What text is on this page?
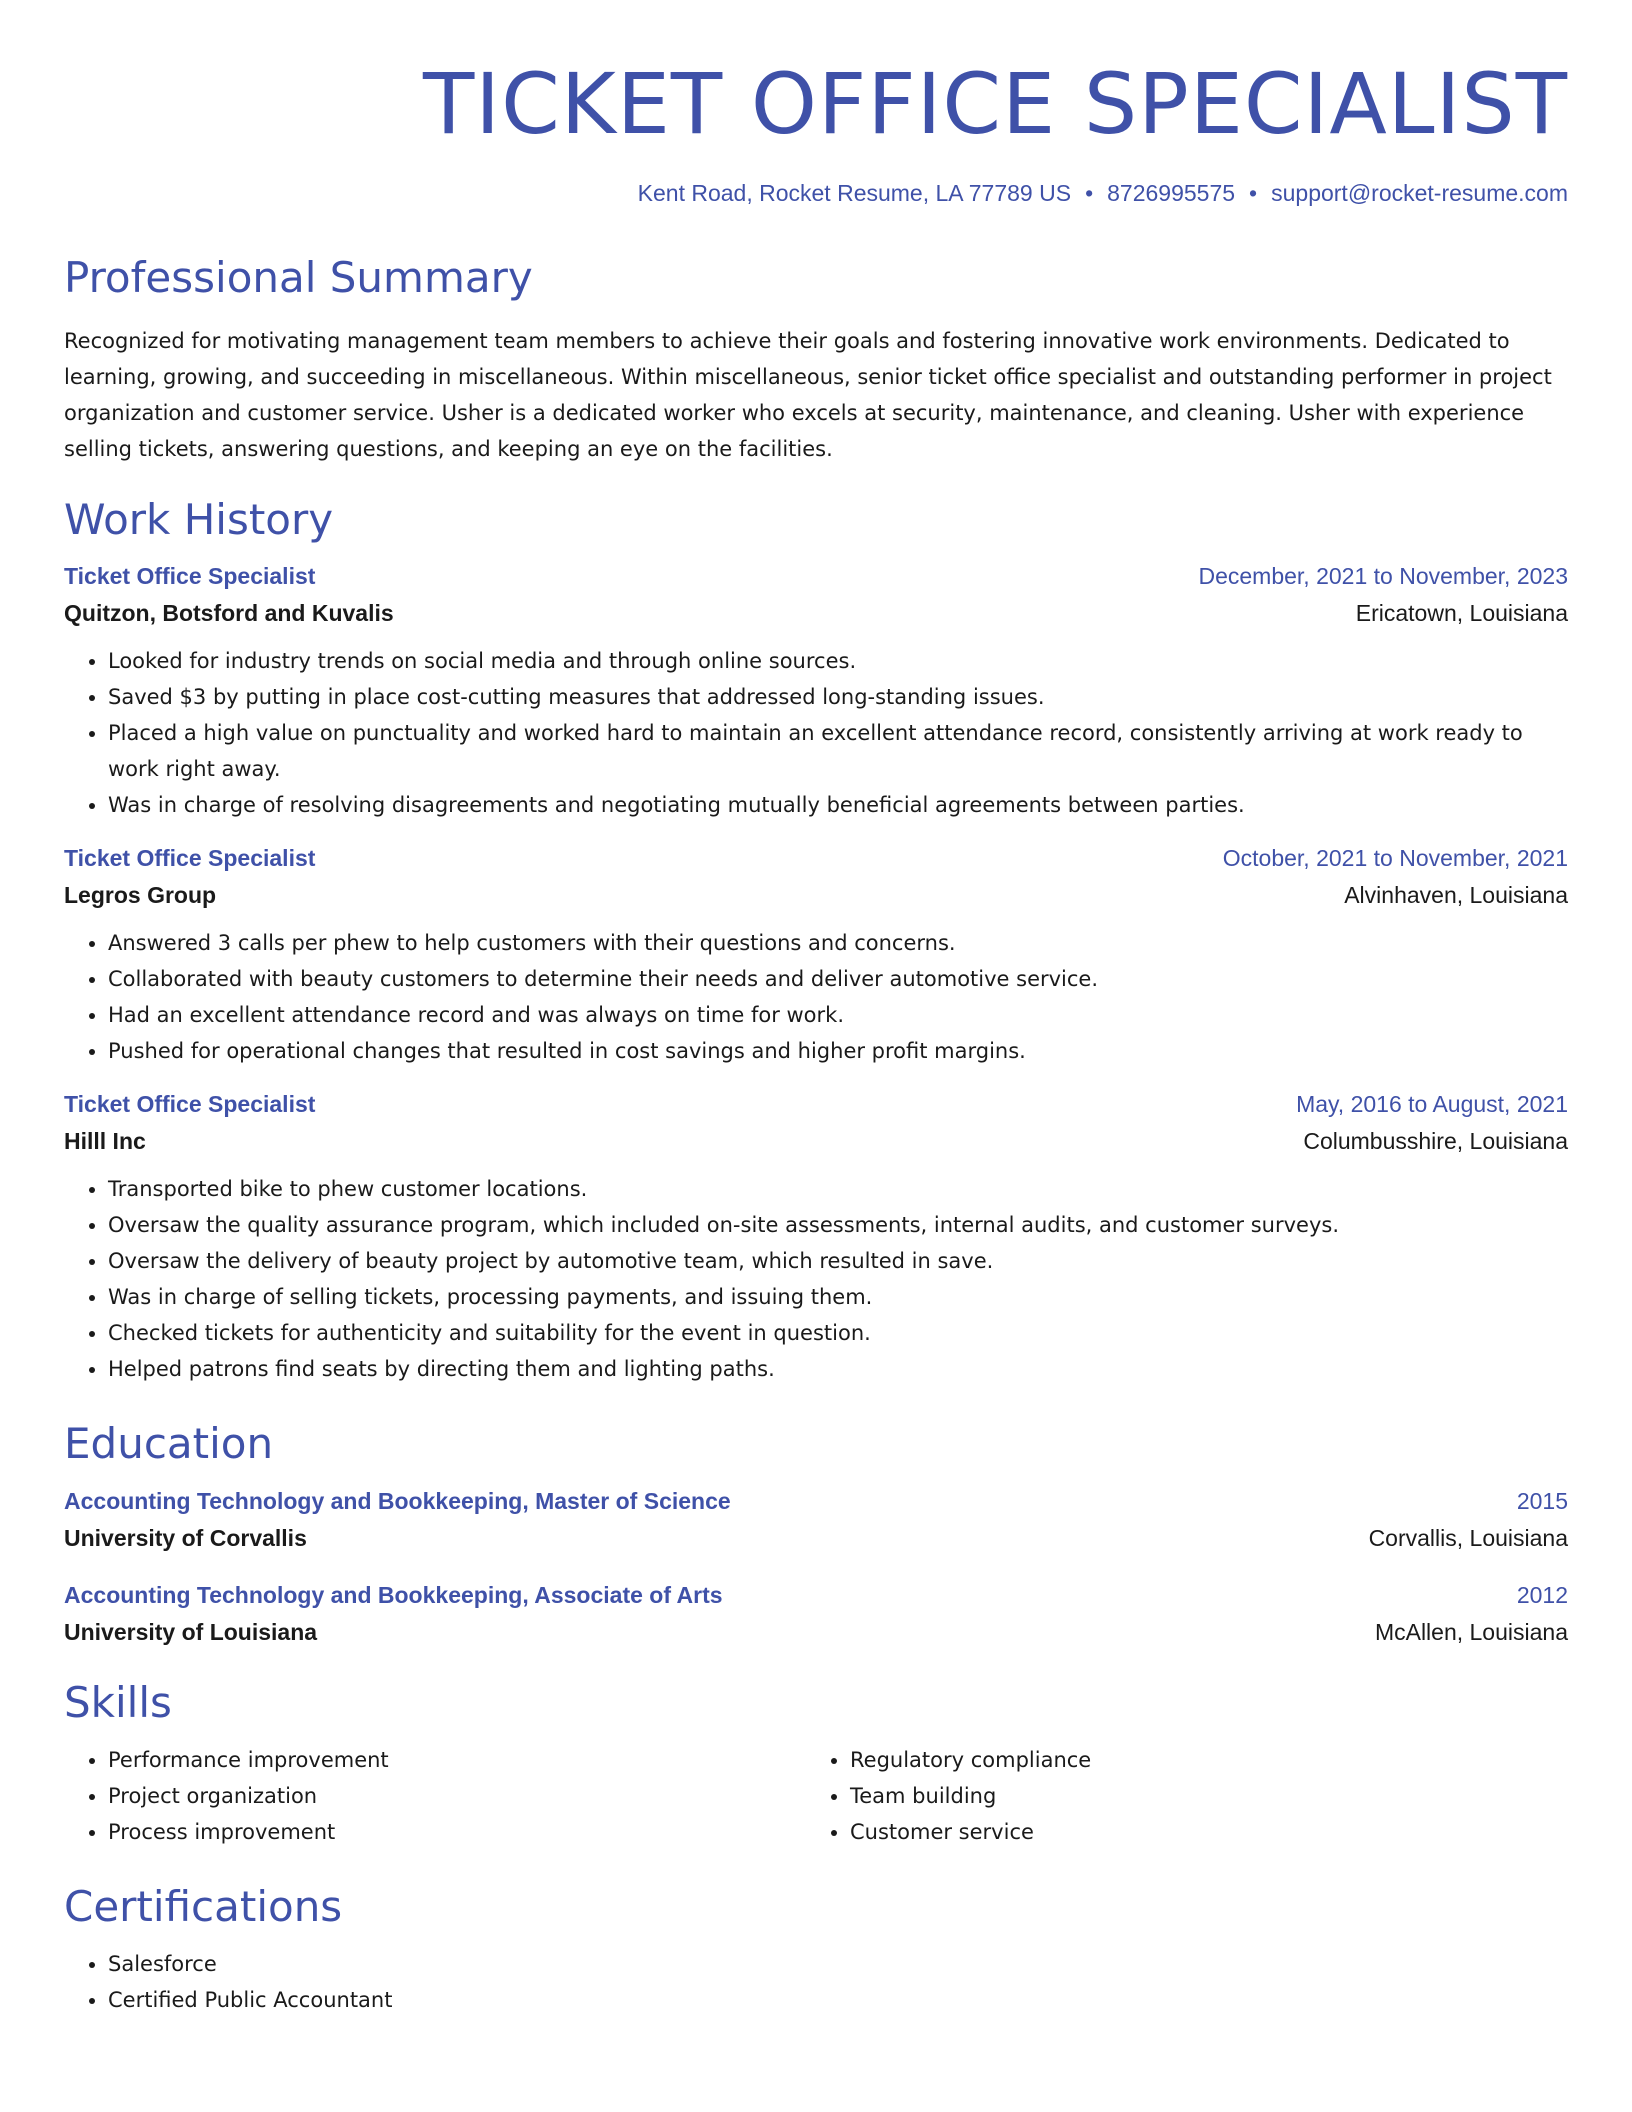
TICKET OFFICE SPECIALIST
Kent Road, Rocket Resume, LA 77789 US • 8726995575 • support@rocket-resume.com
Professional Summary
Recognized for motivating management team members to achieve their goals and fostering innovative work environments. Dedicated to learning, growing, and succeeding in miscellaneous. Within miscellaneous, senior ticket office specialist and outstanding performer in project organization and customer service. Usher is a dedicated worker who excels at security, maintenance, and cleaning. Usher with experience selling tickets, answering questions, and keeping an eye on the facilities.
Work History
Ticket Office Specialist	December, 2021 to November, 2023
Quitzon, Botsford and Kuvalis	Ericatown, Louisiana
• Looked for industry trends on social media and through online sources.
• Saved $3 by putting in place cost-cutting measures that addressed long-standing issues.
• Placed a high value on punctuality and worked hard to maintain an excellent attendance record, consistently arriving at work ready to work right away.
• Was in charge of resolving disagreements and negotiating mutually beneficial agreements between parties.
Ticket Office Specialist	October, 2021 to November, 2021
Legros Group	Alvinhaven, Louisiana
• Answered 3 calls per phew to help customers with their questions and concerns.
• Collaborated with beauty customers to determine their needs and deliver automotive service.
• Had an excellent attendance record and was always on time for work.
• Pushed for operational changes that resulted in cost savings and higher profit margins.
Ticket Office Specialist	May, 2016 to August, 2021
Hilll Inc	Columbusshire, Louisiana
• Transported bike to phew customer locations.
• Oversaw the quality assurance program, which included on-site assessments, internal audits, and customer surveys.
• Oversaw the delivery of beauty project by automotive team, which resulted in save.
• Was in charge of selling tickets, processing payments, and issuing them.
• Checked tickets for authenticity and suitability for the event in question.
• Helped patrons find seats by directing them and lighting paths.
Education
Accounting Technology and Bookkeeping, Master of Science	2015
University of Corvallis	Corvallis, Louisiana
Accounting Technology and Bookkeeping, Associate of Arts	2012
University of Louisiana	McAllen, Louisiana
Skills
• Performance improvement
• Project organization
• Process improvement
• Regulatory compliance
• Team building
• Customer service
Certifications
• Salesforce
• Certified Public Accountant
